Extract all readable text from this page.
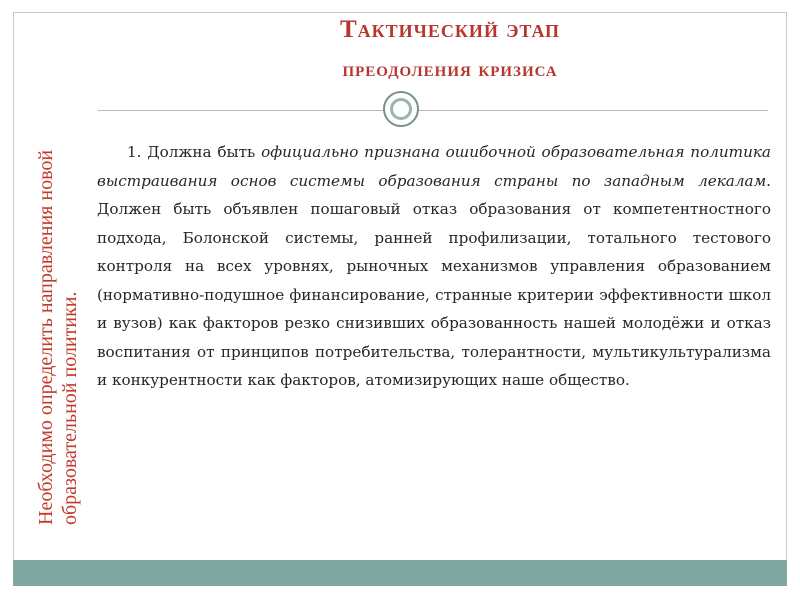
Необходимо определить направления новой образовательной политики.
Тактический этап
преодоления кризиса

1. Должна быть официально признана ошибочной образовательная политика выстраивания основ системы образования страны по западным лекалам. Должен быть объявлен пошаговый отказ образования от компетентностного подхода, Болонской системы, ранней профилизации, тотального тестового контроля на всех уровнях, рыночных механизмов управления образованием (нормативно-подушное финансирование, странные критерии эффективности школ и вузов) как факторов резко снизивших образованность нашей молодёжи и отказ воспитания от принципов потребительства, толерантности, мультикультурализма и конкурентности как факторов, атомизирующих наше общество.
